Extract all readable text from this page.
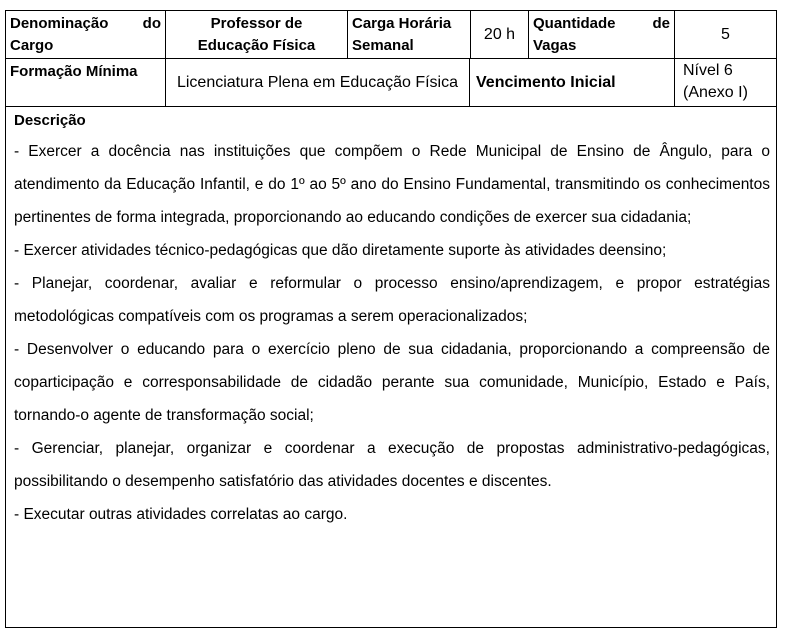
Denominação do Cargo
Professor de Educação Física
Carga Horária Semanal
20 h
Quantidade de Vagas
5
Formação Mínima
Licenciatura Plena em Educação Física Vencimento Inicial
Nível 6
(Anexo I)
Descrição

- Exercer a docência nas instituições que compõem o Rede Municipal de Ensino de Ângulo, para o atendimento da Educação Infantil, e do 1º ao 5º ano do Ensino Fundamental, transmitindo os conhecimentos pertinentes de forma integrada, proporcionando ao educando condições de exercer sua cidadania;

- Exercer atividades técnico-pedagógicas que dão diretamente suporte às atividades deensino;

- Planejar, coordenar, avaliar e reformular o processo ensino/aprendizagem, e propor estratégias metodológicas compatíveis com os programas a serem operacionalizados;

- Desenvolver o educando para o exercício pleno de sua cidadania, proporcionando a compreensão de coparticipação e corresponsabilidade de cidadão perante sua comunidade, Município, Estado e País, tornando-o agente de transformação social;

- Gerenciar, planejar, organizar e coordenar a execução de propostas administrativo-pedagógicas, possibilitando o desempenho satisfatório das atividades docentes e discentes.

- Executar outras atividades correlatas ao cargo.
